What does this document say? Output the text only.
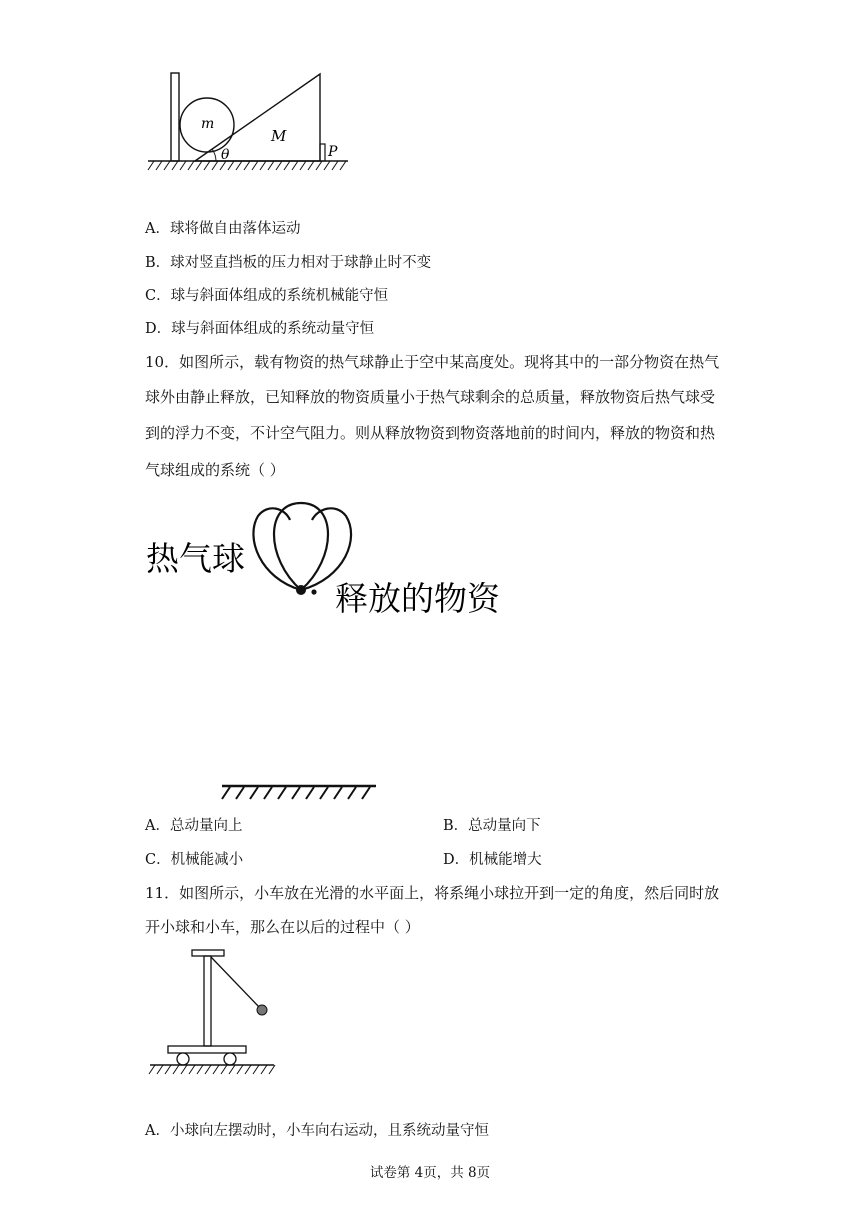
m
M
θ	P
A．球将做自由落体运动
B．球对竖直挡板的压力相对于球静止时不变
C．球与斜面体组成的系统机械能守恒
D．球与斜面体组成的系统动量守恒
10．如图所示，载有物资的热气球静止于空中某高度处。现将其中的一部分物资在热气
球外由静止释放，已知释放的物资质量小于热气球剩余的总质量，释放物资后热气球受
到的浮力不变，不计空气阻力。则从释放物资到物资落地前的时间内，释放的物资和热
气球组成的系统（ ）
热气球
释放的物资
A．总动量向上	B．总动量向下
C．机械能减小	D．机械能增大
11．如图所示，小车放在光滑的水平面上，将系绳小球拉开到一定的角度，然后同时放
开小球和小车，那么在以后的过程中（ ）
A．小球向左摆动时，小车向右运动，且系统动量守恒
试卷第 4页，共 8页
